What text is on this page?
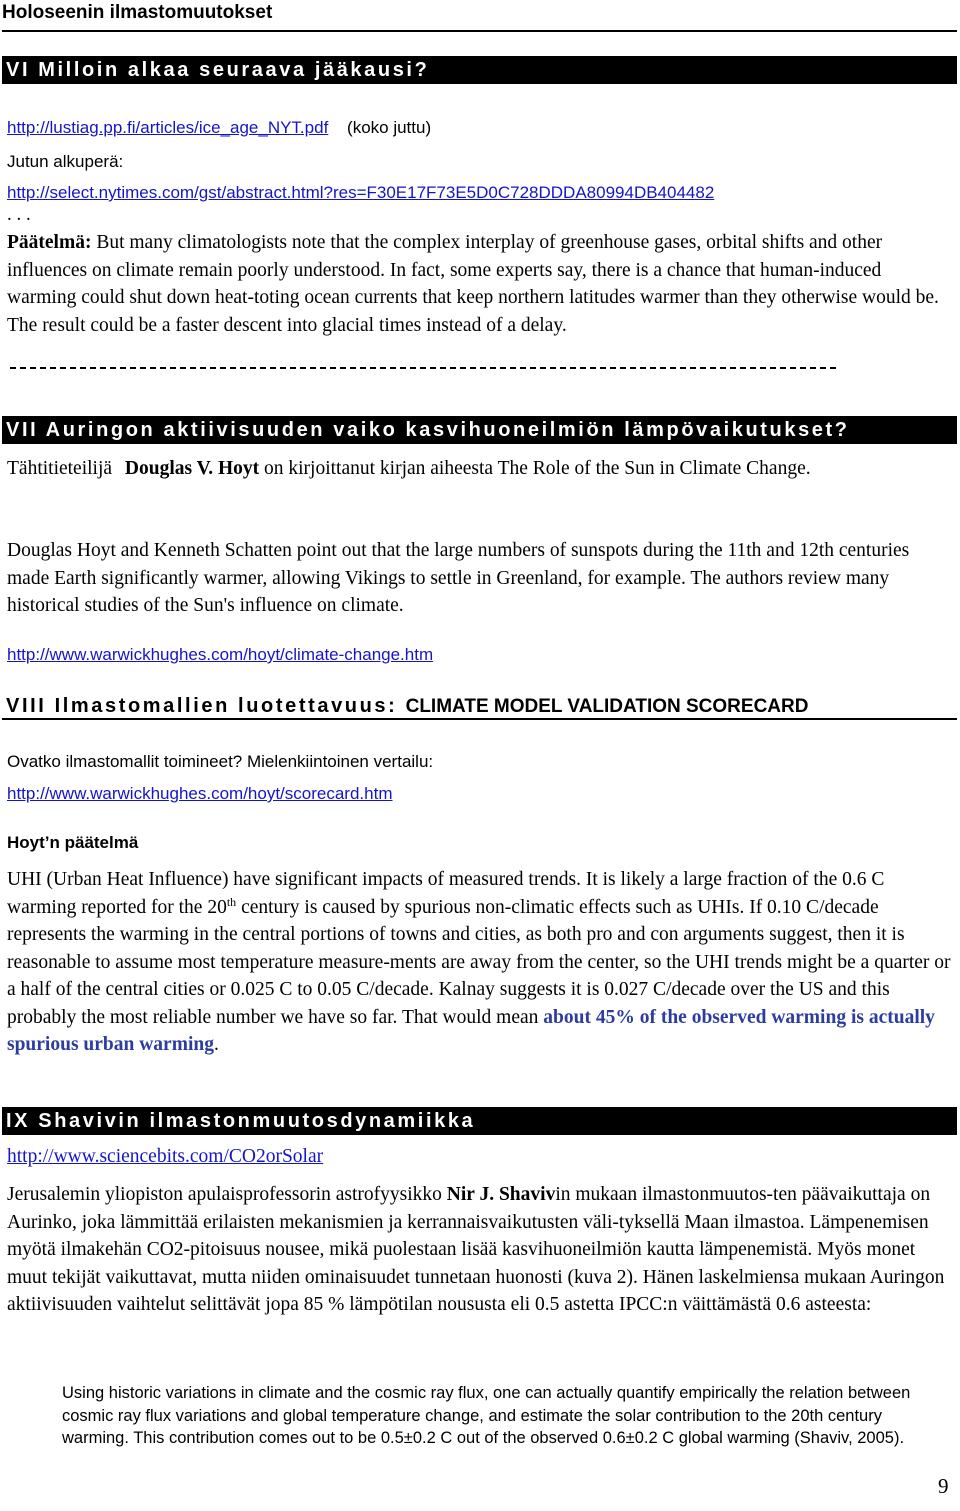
Holoseenin ilmastomuutokset
VI Milloin alkaa seuraava jääkausi?
http://lustiag.pp.fi/articles/ice_age_NYT.pdf (koko juttu)
Jutun alkuperä:
http://select.nytimes.com/gst/abstract.html?res=F30E17F73E5D0C728DDDA80994DB404482
. . .
Päätelmä: But many climatologists note that the complex interplay of greenhouse gases, orbital shifts and other influences on climate remain poorly understood. In fact, some experts say, there is a chance that human-induced warming could shut down heat-toting ocean currents that keep northern latitudes warmer than they otherwise would be. The result could be a faster descent into glacial times instead of a delay.
VII Auringon aktiivisuuden vaiko kasvihuoneilmiön lämpövaikutukset?
Tähtitieteilijä Douglas V. Hoyt on kirjoittanut kirjan aiheesta The Role of the Sun in Climate Change.
Douglas Hoyt and Kenneth Schatten point out that the large numbers of sunspots during the 11th and 12th centuries made Earth significantly warmer, allowing Vikings to settle in Greenland, for example. The authors review many historical studies of the Sun's influence on climate.
http://www.warwickhughes.com/hoyt/climate-change.htm
VIII Ilmastomallien luotettavuus: CLIMATE MODEL VALIDATION SCORECARD
Ovatko ilmastomallit toimineet? Mielenkiintoinen vertailu:
http://www.warwickhughes.com/hoyt/scorecard.htm
Hoyt’n päätelmä
UHI (Urban Heat Influence) have significant impacts of measured trends. It is likely a large fraction of the 0.6 C warming reported for the 20th century is caused by spurious non-climatic effects such as UHIs. If 0.10 C/decade represents the warming in the central portions of towns and cities, as both pro and con arguments suggest, then it is reasonable to assume most temperature measure-ments are away from the center, so the UHI trends might be a quarter or a half of the central cities or 0.025 C to 0.05 C/decade. Kalnay suggests it is 0.027 C/decade over the US and this probably the most reliable number we have so far. That would mean about 45% of the observed warming is actually spurious urban warming.
IX Shavivin ilmastonmuutosdynamiikka
http://www.sciencebits.com/CO2orSolar
Jerusalemin yliopiston apulaisprofessorin astrofyysikko Nir J. Shavivin mukaan ilmastonmuutos-ten päävaikuttaja on Aurinko, joka lämmittää erilaisten mekanismien ja kerrannaisvaikutusten väli-tyksellä Maan ilmastoa. Lämpenemisen myötä ilmakehän CO2-pitoisuus nousee, mikä puolestaan lisää kasvihuoneilmiön kautta lämpenemistä. Myös monet muut tekijät vaikuttavat, mutta niiden ominaisuudet tunnetaan huonosti (kuva 2). Hänen laskelmiensa mukaan Auringon aktiivisuuden vaihtelut selittävät jopa 85 % lämpötilan noususta eli 0.5 astetta IPCC:n väittämästä 0.6 asteesta:
Using historic variations in climate and the cosmic ray flux, one can actually quantify empirically the relation between cosmic ray flux variations and global temperature change, and estimate the solar contribution to the 20th century warming. This contribution comes out to be 0.5±0.2 C out of the observed 0.6±0.2 C global warming (Shaviv, 2005).
9
